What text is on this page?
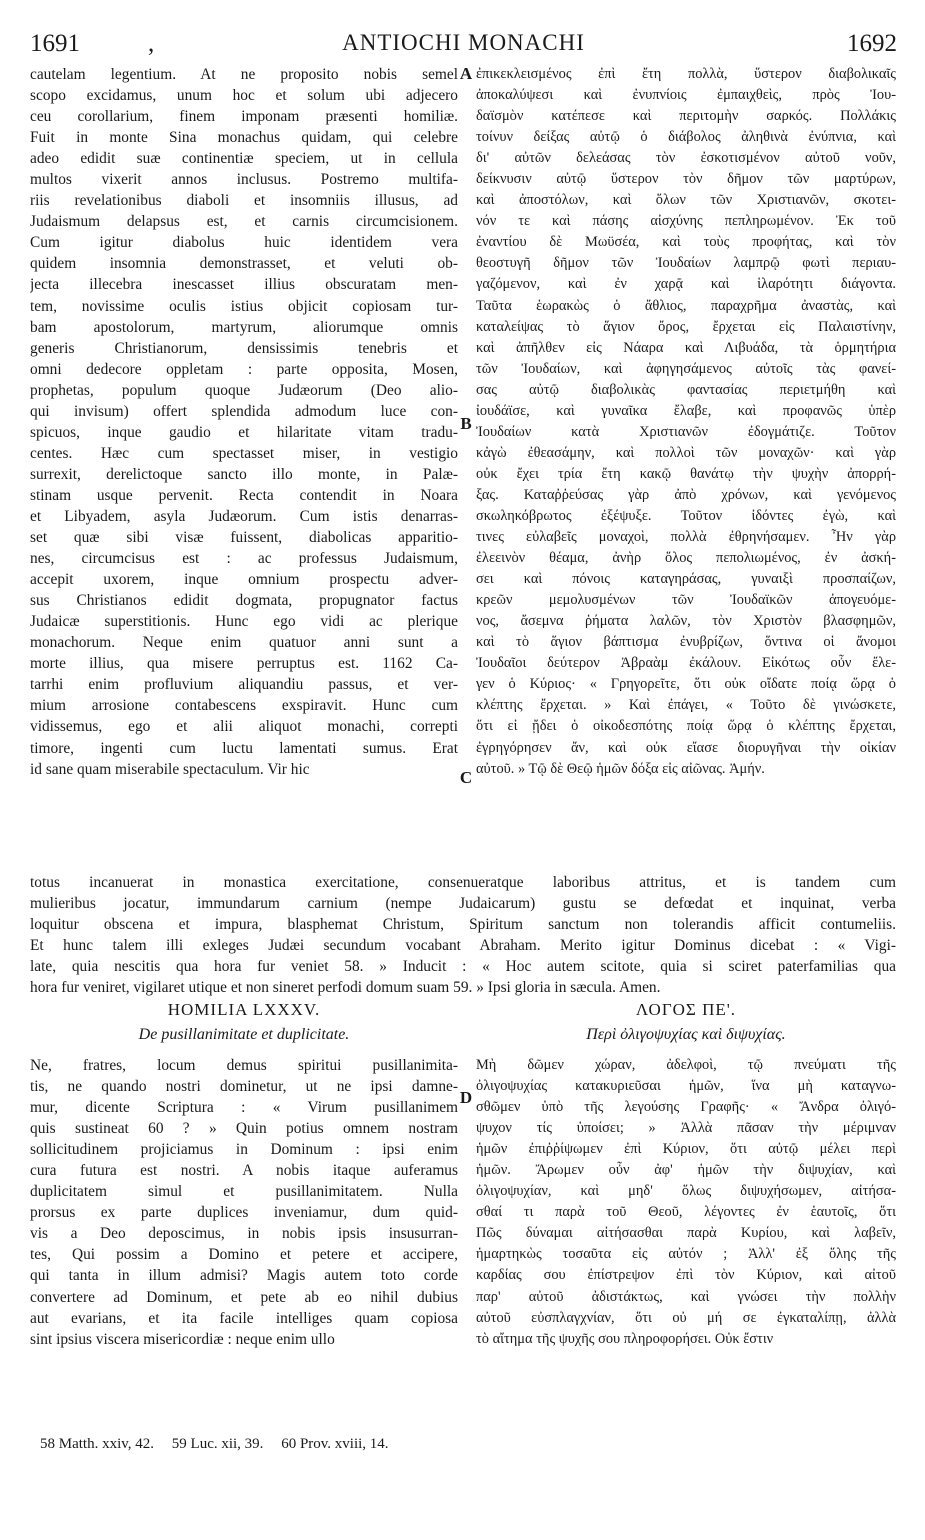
1691	,	ANTIOCHI MONACHI	1692
A
B
C
D
cautelam legentium. At ne proposito nobis semel
scopo excidamus, unum hoc et solum ubi adjecero
ceu corollarium, finem imponam præsenti homiliæ.
Fuit in monte Sina monachus quidam, qui celebre
adeo edidit suæ continentiæ speciem, ut in cellula
multos vixerit annos inclusus. Postremo multifa-
riis revelationibus diaboli et insomniis illusus, ad
Judaismum delapsus est, et carnis circumcisionem.
Cum igitur diabolus huic identidem vera
quidem insomnia demonstrasset, et veluti ob-
jecta illecebra inescasset illius obscuratam men-
tem, novissime oculis istius objicit copiosam tur-
bam apostolorum, martyrum, aliorumque omnis
generis Christianorum, densissimis tenebris et
omni dedecore oppletam : parte opposita, Mosen,
prophetas, populum quoque Judæorum (Deo alio-
qui invisum) offert splendida admodum luce con-
spicuos, inque gaudio et hilaritate vitam tradu-
centes. Hæc cum spectasset miser, in vestigio
surrexit, derelictoque sancto illo monte, in Palæ-
stinam usque pervenit. Recta contendit in Noara
et Libyadem, asyla Judæorum. Cum istis denarras-
set quæ sibi visæ fuissent, diabolicas apparitio-
nes, circumcisus est : ac professus Judaismum,
accepit uxorem, inque omnium prospectu adver-
sus Christianos edidit dogmata, propugnator factus
Judaicæ superstitionis. Hunc ego vidi ac plerique
monachorum. Neque enim quatuor anni sunt a
morte illius, qua misere perruptus est. 1162 Ca-
tarrhi enim profluvium aliquandiu passus, et ver-
mium arrosione contabescens exspiravit. Hunc cum
vidissemus, ego et alii aliquot monachi, correpti
timore, ingenti cum luctu lamentati sumus. Erat
id sane quam miserabile spectaculum. Vir hic
ἐπικεκλεισμένος ἐπὶ ἔτη πολλὰ, ὕστερον διαβολικαῖς
ἀποκαλύψεσι καὶ ἐνυπνίοις ἐμπαιχθεὶς, πρὸς Ἰου-
δαϊσμὸν κατέπεσε καὶ περιτομὴν σαρκός. Πολλάκις
τοίνυν δείξας αὐτῷ ὁ διάβολος ἀληθινὰ ἐνύπνια, καὶ
δι' αὐτῶν δελεάσας τὸν ἐσκοτισμένον αὐτοῦ νοῦν,
δείκνυσιν αὐτῷ ὕστερον τὸν δῆμον τῶν μαρτύρων,
καὶ ἀποστόλων, καὶ ὅλων τῶν Χριστιανῶν, σκοτει-
νόν τε καὶ πάσης αἰσχύνης πεπληρωμένον. Ἐκ τοῦ
ἐναντίου δὲ Μωϋσέα, καὶ τοὺς προφήτας, καὶ τὸν
θεοστυγῆ δῆμον τῶν Ἰουδαίων λαμπρῷ φωτὶ περιαυ-
γαζόμενον, καὶ ἐν χαρᾷ καὶ ἱλαρότητι διάγοντα.
Ταῦτα ἑωρακὼς ὁ ἄθλιος, παραχρῆμα ἀναστὰς, καὶ
καταλείψας τὸ ἅγιον ὄρος, ἔρχεται εἰς Παλαιστίνην,
καὶ ἀπῆλθεν εἰς Νάαρα καὶ Λιβυάδα, τὰ ὁρμητήρια
τῶν Ἰουδαίων, καὶ ἀφηγησάμενος αὐτοῖς τὰς φανεί-
σας αὐτῷ διαβολικὰς φαντασίας περιετμήθη καὶ
ἰουδάϊσε, καὶ γυναῖκα ἔλαβε, καὶ προφανῶς ὑπὲρ
Ἰουδαίων κατὰ Χριστιανῶν ἐδογμάτιζε. Τοῦτον
κἀγὼ ἐθεασάμην, καὶ πολλοὶ τῶν μοναχῶν· καὶ γὰρ
οὐκ ἔχει τρία ἔτη κακῷ θανάτῳ τὴν ψυχὴν ἀπορρή-
ξας. Καταῤῥεύσας γὰρ ἀπὸ χρόνων, καὶ γενόμενος
σκωληκόβρωτος ἐξέψυξε. Τοῦτον ἰδόντες ἐγὼ, καὶ
τινες εὐλαβεῖς μοναχοὶ, πολλὰ ἐθρηνήσαμεν. Ἦν γὰρ
ἐλεεινὸν θέαμα, ἀνὴρ ὅλος πεπολιωμένος, ἐν ἀσκή-
σει καὶ πόνοις καταγηράσας, γυναιξὶ προσπαίζων,
κρεῶν μεμολυσμένων τῶν Ἰουδαϊκῶν ἀπογευόμε-
νος, ἄσεμνα ῥήματα λαλῶν, τὸν Χριστὸν βλασφημῶν,
καὶ τὸ ἅγιον βάπτισμα ἐνυβρίζων, ὅντινα οἱ ἄνομοι
Ἰουδαῖοι δεύτερον Ἀβραὰμ ἐκάλουν. Εἰκότως οὖν ἔλε-
γεν ὁ Κύριος· « Γρηγορεῖτε, ὅτι οὐκ οἴδατε ποίᾳ ὥρᾳ ὁ
κλέπτης ἔρχεται. » Καὶ ἐπάγει, « Τοῦτο δὲ γινώσκετε,
ὅτι εἰ ᾔδει ὁ οἰκοδεσπότης ποίᾳ ὥρᾳ ὁ κλέπτης ἔρχεται,
ἐγρηγόρησεν ἄν, καὶ οὐκ εἴασε διορυγῆναι τὴν οἰκίαν
αὐτοῦ. » Τῷ δὲ Θεῷ ἡμῶν δόξα εἰς αἰῶνας. Ἀμήν.
totus incanuerat in monastica exercitatione, consenueratque laboribus attritus, et is tandem cum
mulieribus jocatur, immundarum carnium (nempe Judaicarum) gustu se defœdat et inquinat, verba
loquitur obscena et impura, blasphemat Christum, Spiritum sanctum non tolerandis afficit contumeliis.
Et hunc talem illi exleges Judæi secundum vocabant Abraham. Merito igitur Dominus dicebat : « Vigi-
late, quia nescitis qua hora fur veniet 58. » Inducit : « Hoc autem scitote, quia si sciret paterfamilias qua
hora fur veniret, vigilaret utique et non sineret perfodi domum suam 59. » Ipsi gloria in sæcula. Amen.
HOMILIA LXXXV.
De pusillanimitate et duplicitate.
ΛΟΓΟΣ ΠΕ'.
Περὶ ὀλιγοψυχίας καὶ διψυχίας.
Ne, fratres, locum demus spiritui pusillanimita-
tis, ne quando nostri dominetur, ut ne ipsi damne-
mur, dicente Scriptura : « Virum pusillanimem
quis sustineat 60 ? » Quin potius omnem nostram
sollicitudinem projiciamus in Dominum : ipsi enim
cura futura est nostri. A nobis itaque auferamus
duplicitatem simul et pusillanimitatem. Nulla
prorsus ex parte duplices inveniamur, dum quid-
vis a Deo deposcimus, in nobis ipsis insusurran-
tes, Qui possim a Domino et petere et accipere,
qui tanta in illum admisi? Magis autem toto corde
convertere ad Dominum, et pete ab eo nihil dubius
aut evarians, et ita facile intelliges quam copiosa
sint ipsius viscera misericordiæ : neque enim ullo
Μὴ δῶμεν χώραν, ἀδελφοὶ, τῷ πνεύματι τῆς
ὀλιγοψυχίας κατακυριεῦσαι ἡμῶν, ἵνα μὴ καταγνω-
σθῶμεν ὑπὸ τῆς λεγούσης Γραφῆς· « Ἄνδρα ὀλιγό-
ψυχον τίς ὑποίσει; » Ἀλλὰ πᾶσαν τὴν μέριμναν
ἡμῶν ἐπιῤῥίψωμεν ἐπὶ Κύριον, ὅτι αὐτῷ μέλει περὶ
ἡμῶν. Ἄρωμεν οὖν ἀφ' ἡμῶν τὴν διψυχίαν, καὶ
ὀλιγοψυχίαν, καὶ μηδ' ὅλως διψυχήσωμεν, αἰτήσα-
σθαί τι παρὰ τοῦ Θεοῦ, λέγοντες ἐν ἑαυτοῖς, ὅτι
Πῶς δύναμαι αἰτήσασθαι παρὰ Κυρίου, καὶ λαβεῖν,
ἡμαρτηκὼς τοσαῦτα εἰς αὐτόν ; Ἀλλ' ἐξ ὅλης τῆς
καρδίας σου ἐπίστρεψον ἐπὶ τὸν Κύριον, καὶ αἰτοῦ
παρ' αὐτοῦ ἀδιστάκτως, καὶ γνώσει τὴν πολλὴν
αὐτοῦ εὐσπλαγχνίαν, ὅτι οὐ μή σε ἐγκαταλίπῃ, ἀλλὰ
τὸ αἴτημα τῆς ψυχῆς σου πληροφορήσει. Οὐκ ἔστιν
58 Matth. xxiv, 42. 59 Luc. xii, 39. 60 Prov. xviii, 14.
